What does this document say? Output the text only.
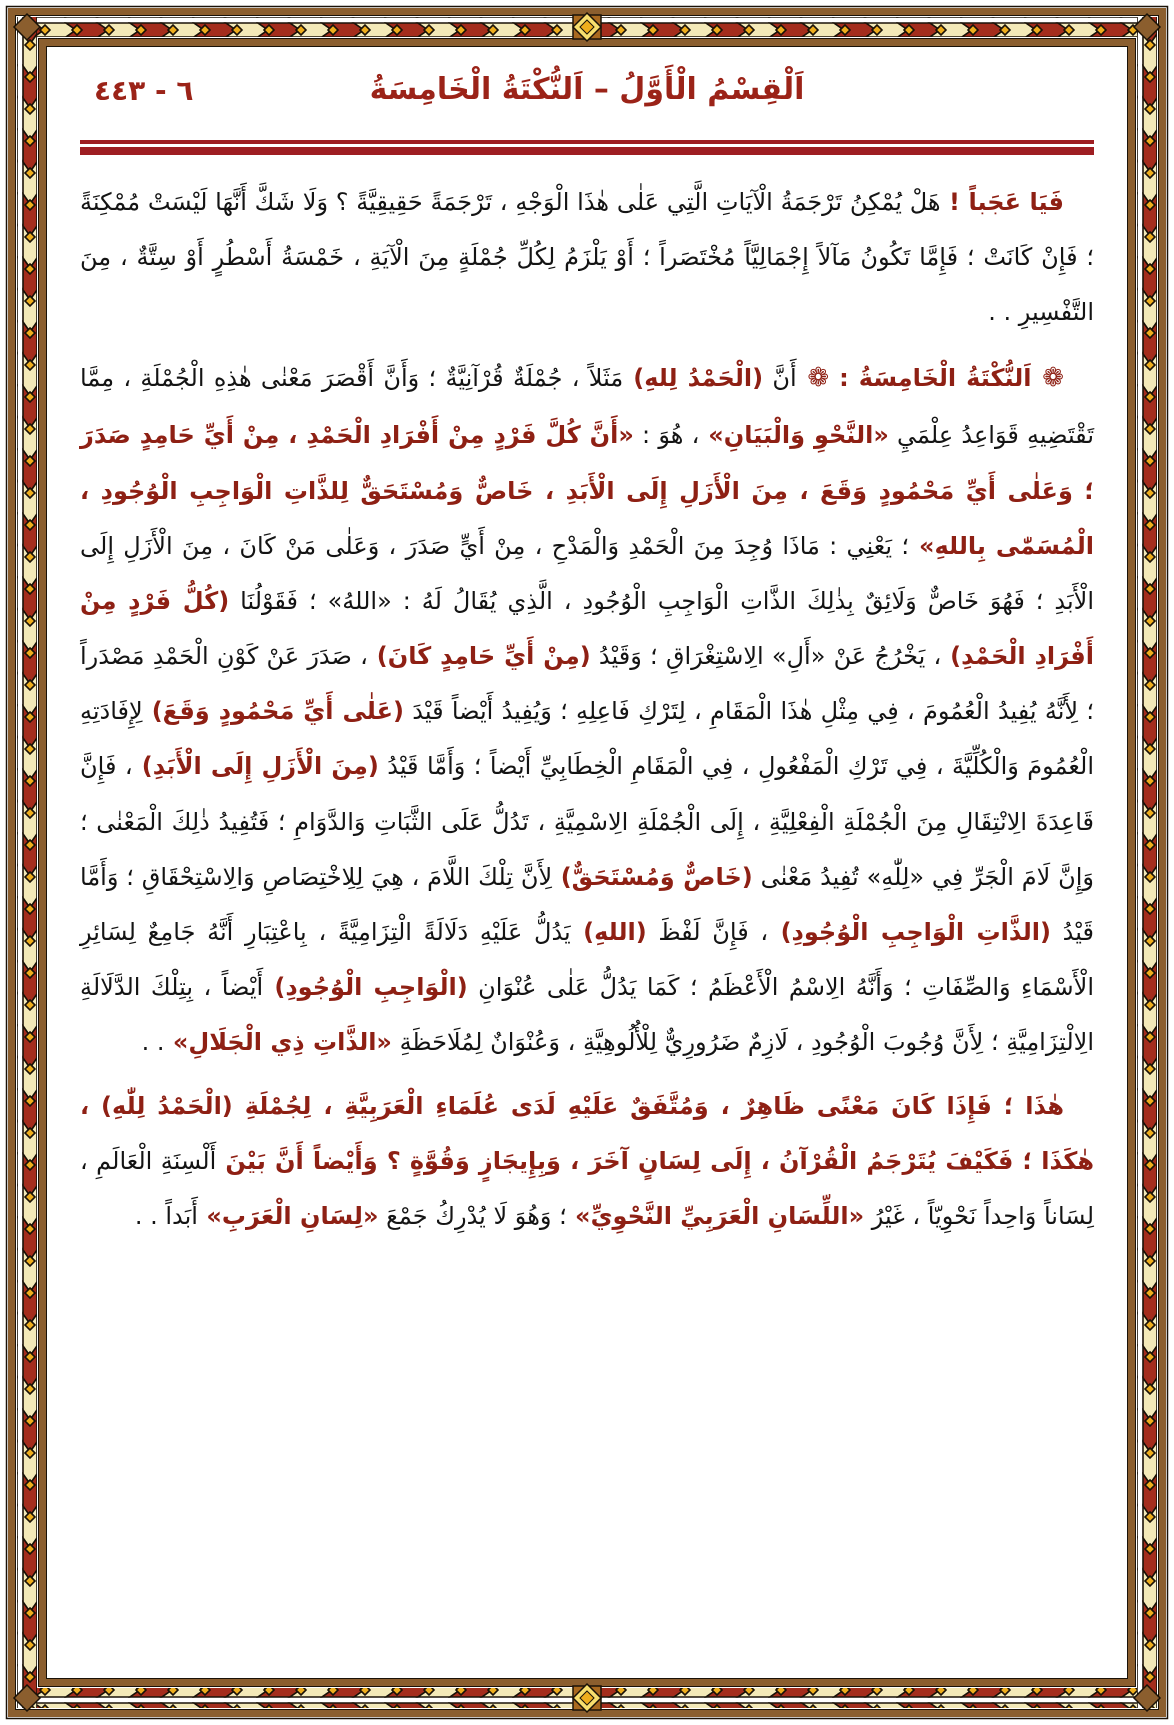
٦ - ٤٤٣	اَلْقِسْمُ الْأَوَّلُ – اَلنُّكْتَةُ الْخَامِسَةُ

فَيَا عَجَباً ! هَلْ يُمْكِنُ تَرْجَمَةُ الْآيَاتِ الَّتِي عَلٰى هٰذَا الْوَجْهِ ، تَرْجَمَةً حَقِيقِيَّةً ؟ وَلَا شَكَّ أَنَّهَا لَيْسَتْ مُمْكِنَةً ؛ فَإِنْ كَانَتْ ؛ فَإِمَّا تَكُونُ مَآلاً إِجْمَالِيَّاً مُخْتَصَراً ؛ أَوْ يَلْزَمُ لِكُلِّ جُمْلَةٍ مِنَ الْآيَةِ ، خَمْسَةُ أَسْطُرٍ أَوْ سِتَّةٌ ، مِنَ التَّفْسِيرِ . .

❁ اَلنُّكْتَةُ الْخَامِسَةُ : ❁ أَنَّ (الْحَمْدُ لِلهِ) مَثَلاً ، جُمْلَةٌ قُرْآنِيَّةٌ ؛ وَأَنَّ أَقْصَرَ مَعْنٰى هٰذِهِ الْجُمْلَةِ ، مِمَّا تَقْتَضِيهِ قَوَاعِدُ عِلْمَيِ «النَّحْوِ وَالْبَيَانِ» ، هُوَ : «أَنَّ كُلَّ فَرْدٍ مِنْ أَفْرَادِ الْحَمْدِ ، مِنْ أَيِّ حَامِدٍ صَدَرَ ؛ وَعَلٰى أَيِّ مَحْمُودٍ وَقَعَ ، مِنَ الْأَزَلِ إِلَى الْأَبَدِ ، خَاصٌّ وَمُسْتَحَقٌّ لِلذَّاتِ الْوَاجِبِ الْوُجُودِ ، الْمُسَمّٰى بِاللهِ» ؛ يَعْنِي : مَاذَا وُجِدَ مِنَ الْحَمْدِ وَالْمَدْحِ ، مِنْ أَيٍّ صَدَرَ ، وَعَلٰى مَنْ كَانَ ، مِنَ الْأَزَلِ إِلَى الْأَبَدِ ؛ فَهُوَ خَاصٌّ وَلَائِقٌ بِذٰلِكَ الذَّاتِ الْوَاجِبِ الْوُجُودِ ، الَّذِي يُقَالُ لَهُ : «اللهُ» ؛ فَقَوْلُنَا (كُلُّ فَرْدٍ مِنْ أَفْرَادِ الْحَمْدِ) ، يَخْرُجُ عَنْ «أَلِ» الِاسْتِغْرَاقِ ؛ وَقَيْدُ (مِنْ أَيِّ حَامِدٍ كَانَ) ، صَدَرَ عَنْ كَوْنِ الْحَمْدِ مَصْدَراً ؛ لِأَنَّهُ يُفِيدُ الْعُمُومَ ، فِي مِثْلِ هٰذَا الْمَقَامِ ، لِتَرْكِ فَاعِلِهِ ؛ وَيُفِيدُ أَيْضاً قَيْدَ (عَلٰى أَيِّ مَحْمُودٍ وَقَعَ) لِإِفَادَتِهِ الْعُمُومَ وَالْكُلِّيَّةَ ، فِي تَرْكِ الْمَفْعُولِ ، فِي الْمَقَامِ الْخِطَابِيِّ أَيْضاً ؛ وَأَمَّا قَيْدُ (مِنَ الْأَزَلِ إِلَى الْأَبَدِ) ، فَإِنَّ قَاعِدَةَ الِانْتِقَالِ مِنَ الْجُمْلَةِ الْفِعْلِيَّةِ ، إِلَى الْجُمْلَةِ الِاسْمِيَّةِ ، تَدُلُّ عَلَى الثَّبَاتِ وَالدَّوَامِ ؛ فَتُفِيدُ ذٰلِكَ الْمَعْنٰى ؛ وَإِنَّ لَامَ الْجَرِّ فِي «لِلّٰهِ» تُفِيدُ مَعْنٰى (خَاصٌّ وَمُسْتَحَقٌّ) لِأَنَّ تِلْكَ اللَّامَ ، هِيَ لِلِاخْتِصَاصِ وَالِاسْتِحْقَاقِ ؛ وَأَمَّا قَيْدُ (الذَّاتِ الْوَاجِبِ الْوُجُودِ) ، فَإِنَّ لَفْظَ (اللهِ) يَدُلُّ عَلَيْهِ دَلَالَةً الْتِزَامِيَّةً ، بِاعْتِبَارِ أَنَّهُ جَامِعٌ لِسَائِرِ الْأَسْمَاءِ وَالصِّفَاتِ ؛ وَأَنَّهُ الِاسْمُ الْأَعْظَمُ ؛ كَمَا يَدُلُّ عَلٰى عُنْوَانِ (الْوَاجِبِ الْوُجُودِ) أَيْضاً ، بِتِلْكَ الدَّلَالَةِ الِالْتِزَامِيَّةِ ؛ لِأَنَّ وُجُوبَ الْوُجُودِ ، لَازِمٌ ضَرُورِيٌّ لِلْأُلُوهِيَّةِ ، وَعُنْوَانٌ لِمُلَاحَظَةِ «الذَّاتِ ذِي الْجَلَالِ» . .

هٰذَا ؛ فَإِذَا كَانَ مَعْنًى ظَاهِرٌ ، وَمُتَّفَقٌ عَلَيْهِ لَدَى عُلَمَاءِ الْعَرَبِيَّةِ ، لِجُمْلَةِ (الْحَمْدُ لِلّٰهِ) ، هٰكَذَا ؛ فَكَيْفَ يُتَرْجَمُ الْقُرْآنُ ، إِلَى لِسَانٍ آخَرَ ، وَبِإِيجَازٍ وَقُوَّةٍ ؟ وَأَيْضاً أَنَّ بَيْنَ أَلْسِنَةِ الْعَالَمِ ، لِسَاناً وَاحِداً نَحْوِيّاً ، غَيْرُ «اللِّسَانِ الْعَرَبِيِّ النَّحْوِيِّ» ؛ وَهُوَ لَا يُدْرِكُ جَمْعَ «لِسَانِ الْعَرَبِ» أَبَداً . .
